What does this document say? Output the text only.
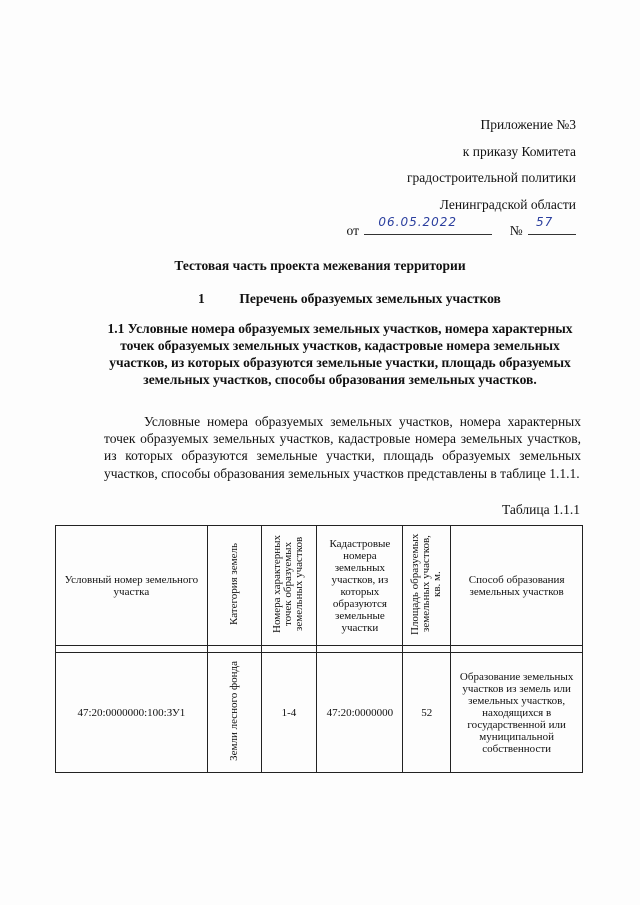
Приложение №3
к приказу Комитета
градостроительной политики
Ленинградской области
от
06.05.2022
№
57
Тестовая часть проекта межевания территории
1	Перечень образуемых земельных участков
1.1 Условные номера образуемых земельных участков, номера характерных точек образуемых земельных участков, кадастровые номера земельных участков, из которых образуются земельные участки, площадь образуемых земельных участков, способы образования земельных участков.
Условные номера образуемых земельных участков, номера характерных точек образуемых земельных участков, кадастровые номера земельных участков, из которых образуются земельные участки, площадь образуемых земельных участков, способы образования земельных участков представлены в таблице 1.1.1.
Таблица 1.1.1
Условный номер земельного участка	Категория земель	Номера характерных точек образуемых земельных участков	Кадастровые номера земельных участков, из которых образуются земельные участки	Площадь образуемых земельных участков, кв. м.	Способ образования земельных участков

47:20:0000000:100:ЗУ1	Земли лесного фонда	1-4	47:20:0000000	52	Образование земельных участков из земель или земельных участков, находящихся в государственной или муниципальной собственности
